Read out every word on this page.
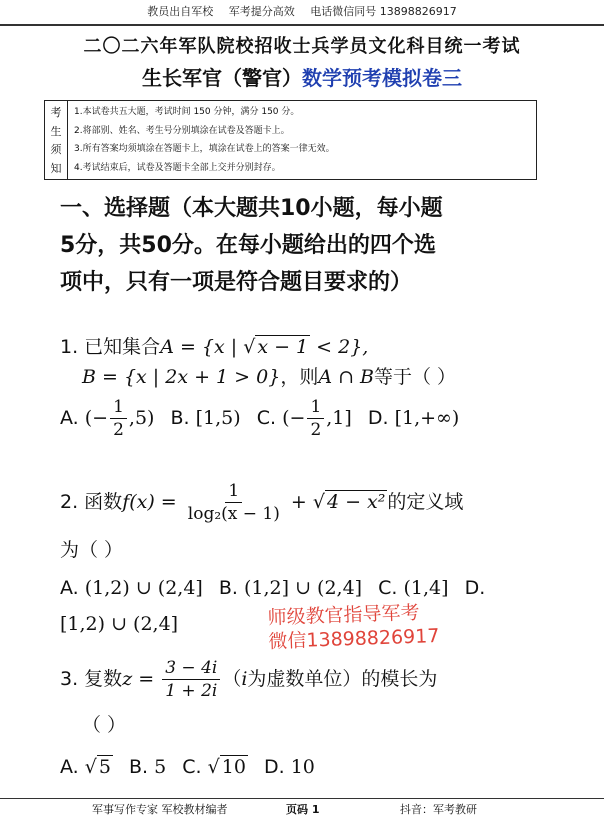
教员出自军校 军考提分高效 电话微信同号 13898826917
二〇二六年军队院校招收士兵学员文化科目统一考试
生长军官（警官）数学预考模拟卷三
考
生
须
知
1.本试卷共五大题，考试时间 150 分钟，满分 150 分。
2.将部别、姓名、考生号分别填涂在试卷及答题卡上。
3.所有答案均须填涂在答题卡上，填涂在试卷上的答案一律无效。
4.考试结束后，试卷及答题卡全部上交并分别封存。
一、选择题（本大题共10小题，每小题
5分，共50分。在每小题给出的四个选
项中，只有一项是符合题目要求的）
1. 已知集合A = {x | √ x − 1 < 2},
B = {x | 2x + 1 > 0}，则A ∩ B等于（ ）
A. (− $\frac{1}{2} ,5$) B. [1,5) C. (− $\frac{1}{2} ,1$] D. [1,+∞)
2. 函数$f(x) = \frac{1}{\text{log₂(x − 1)}}$ + √ 4 − x² 的定义域
为（ ）
A. (1,2) ∪ (2,4] B. (1,2] ∪ (2,4] C. (1,4] D.
[1,2) ∪ (2,4]
3. 复数$z = \frac{3 - 4i}{1 + 2i} (i$为虚数单位）的模长为
（ ）
A. √ 5 B. 5 C. √ 10 D. 10
师级教官指导军考
微信13898826917
军事写作专家 军校教材编者	页码 1	抖音：军考教研
